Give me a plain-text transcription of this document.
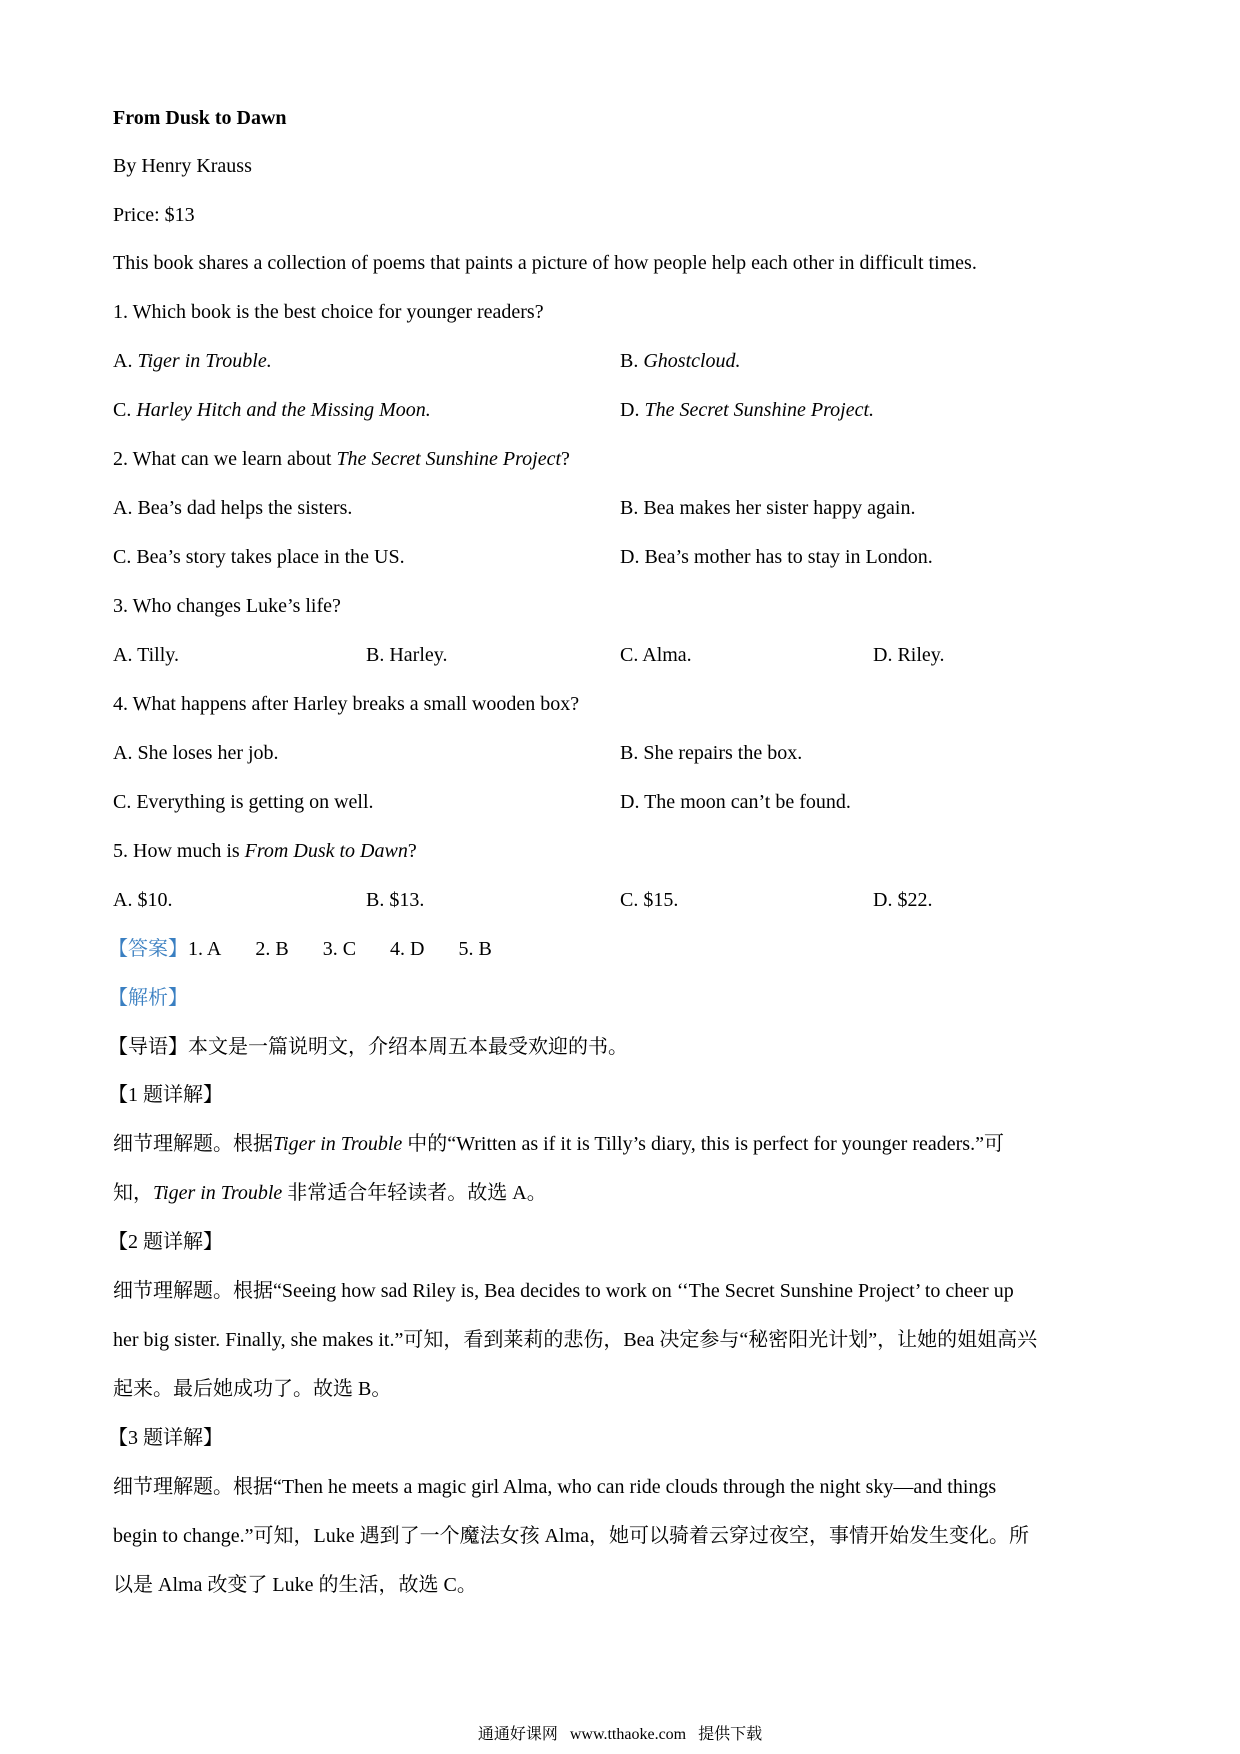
From Dusk to Dawn
By Henry Krauss
Price: $13
This book shares a collection of poems that paints a picture of how people help each other in difficult times.
1. Which book is the best choice for younger readers?
A. Tiger in Trouble.	B. Ghostcloud.
C. Harley Hitch and the Missing Moon.	D. The Secret Sunshine Project.
2. What can we learn about The Secret Sunshine Project?
A. Bea’s dad helps the sisters.	B. Bea makes her sister happy again.
C. Bea’s story takes place in the US.	D. Bea’s mother has to stay in London.
3. Who changes Luke’s life?
A. Tilly.	B. Harley.	C. Alma.	D. Riley.
4. What happens after Harley breaks a small wooden box?
A. She loses her job.	B. She repairs the box.
C. Everything is getting on well.	D. The moon can’t be found.
5. How much is From Dusk to Dawn?
A. $10.	B. $13.	C. $15.	D. $22.
【答案】1. A 2. B 3. C 4. D 5. B
【解析】
【导语】本文是一篇说明文，介绍本周五本最受欢迎的书。
【1 题详解】
细节理解题。根据Tiger in Trouble 中的“Written as if it is Tilly’s diary, this is perfect for younger readers.”可
知，Tiger in Trouble 非常适合年轻读者。故选 A。
【2 题详解】
细节理解题。根据“Seeing how sad Riley is, Bea decides to work on ‘‘The Secret Sunshine Project’ to cheer up
her big sister. Finally, she makes it.”可知，看到莱莉的悲伤，Bea 决定参与“秘密阳光计划”，让她的姐姐高兴
起来。最后她成功了。故选 B。
【3 题详解】
细节理解题。根据“Then he meets a magic girl Alma, who can ride clouds through the night sky—and things
begin to change.”可知，Luke 遇到了一个魔法女孩 Alma，她可以骑着云穿过夜空，事情开始发生变化。所
以是 Alma 改变了 Luke 的生活，故选 C。
通通好课网 www.tthaoke.com 提供下载
